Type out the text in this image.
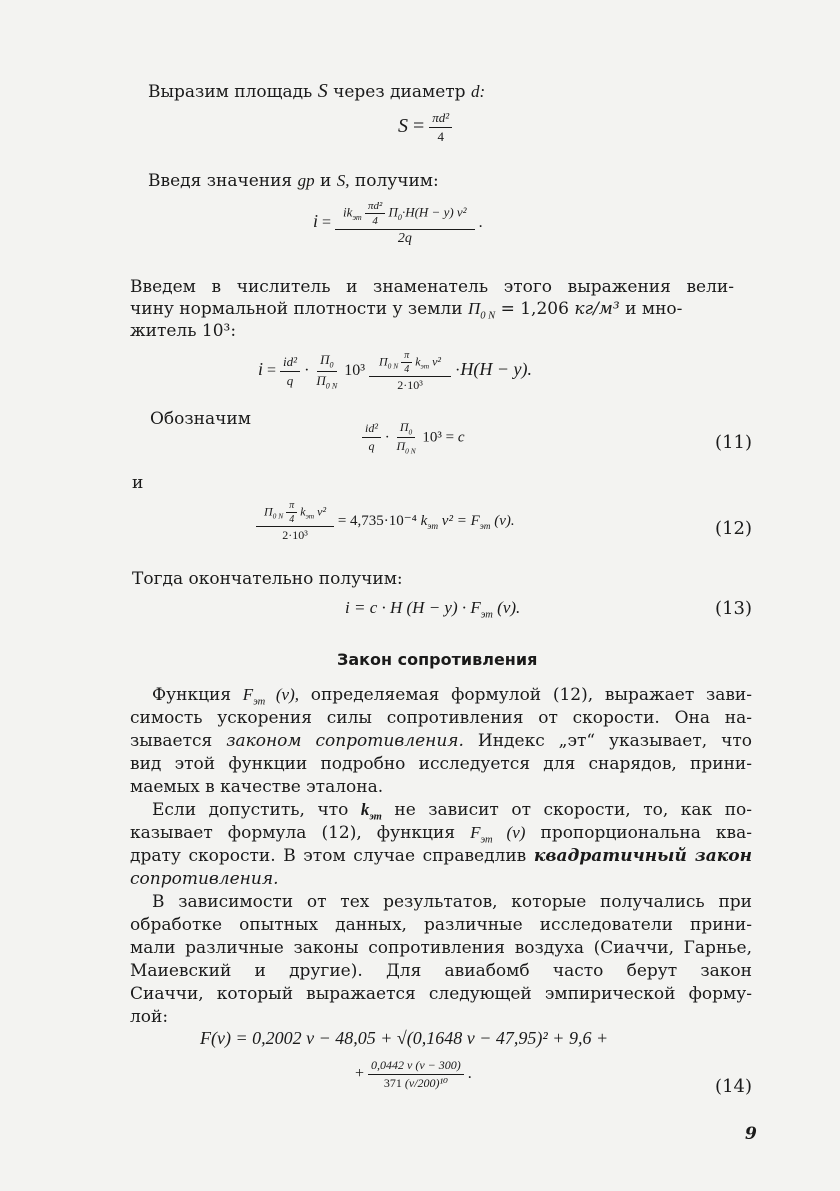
Выразим площадь S через диаметр d:
$S = \frac{\text{πd²}}{4}$
Введя значения gp и S, получим:
$i = \frac{ik_{эт} \frac{\text{πd²}}{4} \Pi_0\cdot H(H - y) v^2}{2q}$ .
Введем в числитель и знаменатель этого выражения вели-
чину нормальной плотности у земли $\Pi_{0 N} = 1,206$ кг/м³ и мно-
житель 10³:
$i = \frac{\text{id²}}{q} \cdot \frac{\Pi_0}{\Pi_{0 N}} 10^3 \frac{\Pi_{0 N} \frac{\pi}{4} k_{эт} v^2}{\text{2·10³}} \cdot H(H - y)$.
Обозначим
$\frac{\text{id²}}{q} \cdot \frac{\Pi_0}{\Pi_{0 N}} 10^3 = c$	(11)
и
$\frac{\Pi_{0 N} \frac{\pi}{4} k_{эт} v^2}{\text{2·10³}} = 4,735\cdot 10^{-4}$ $k_{эт}$ $v^2 = F_{эт}$ (v).	(12)
Тогда окончательно получим:
i = c · H $(H - y) \cdot F_{эт}$ (v).	(13)
Закон сопротивления
Функция $F_{эт}$ (v), определяемая формулой (12), выражает зави-
симость ускорения силы сопротивления от скорости. Она на-
зывается законом сопротивления. Индекс „эт“ указывает, что
вид этой функции подробно исследуется для снарядов, прини-
маемых в качестве эталона.
Если допустить, что $k_{эт}$ не зависит от скорости, то, как по-
казывает формула (12), функция $F_{эт}$ (v) пропорциональна ква-
драту скорости. В этом случае справедлив квадратичный закон
сопротивления.
В зависимости от тех результатов, которые получались при
обработке опытных данных, различные исследователи прини-
мали различные законы сопротивления воздуха (Сиаччи, Гарнье,
Маиевский и другие). Для авиабомб часто берут закон
Сиаччи, который выражается следующей эмпирической форму-
лой:
F(v) = 0,2002 v − 48,05 + √(0,1648 v − 47,95)² + 9,6 +
+ $\frac{0,0442 v (v - 300)}{\text{371 (v/200)¹⁰}}$ .
(14)
9
